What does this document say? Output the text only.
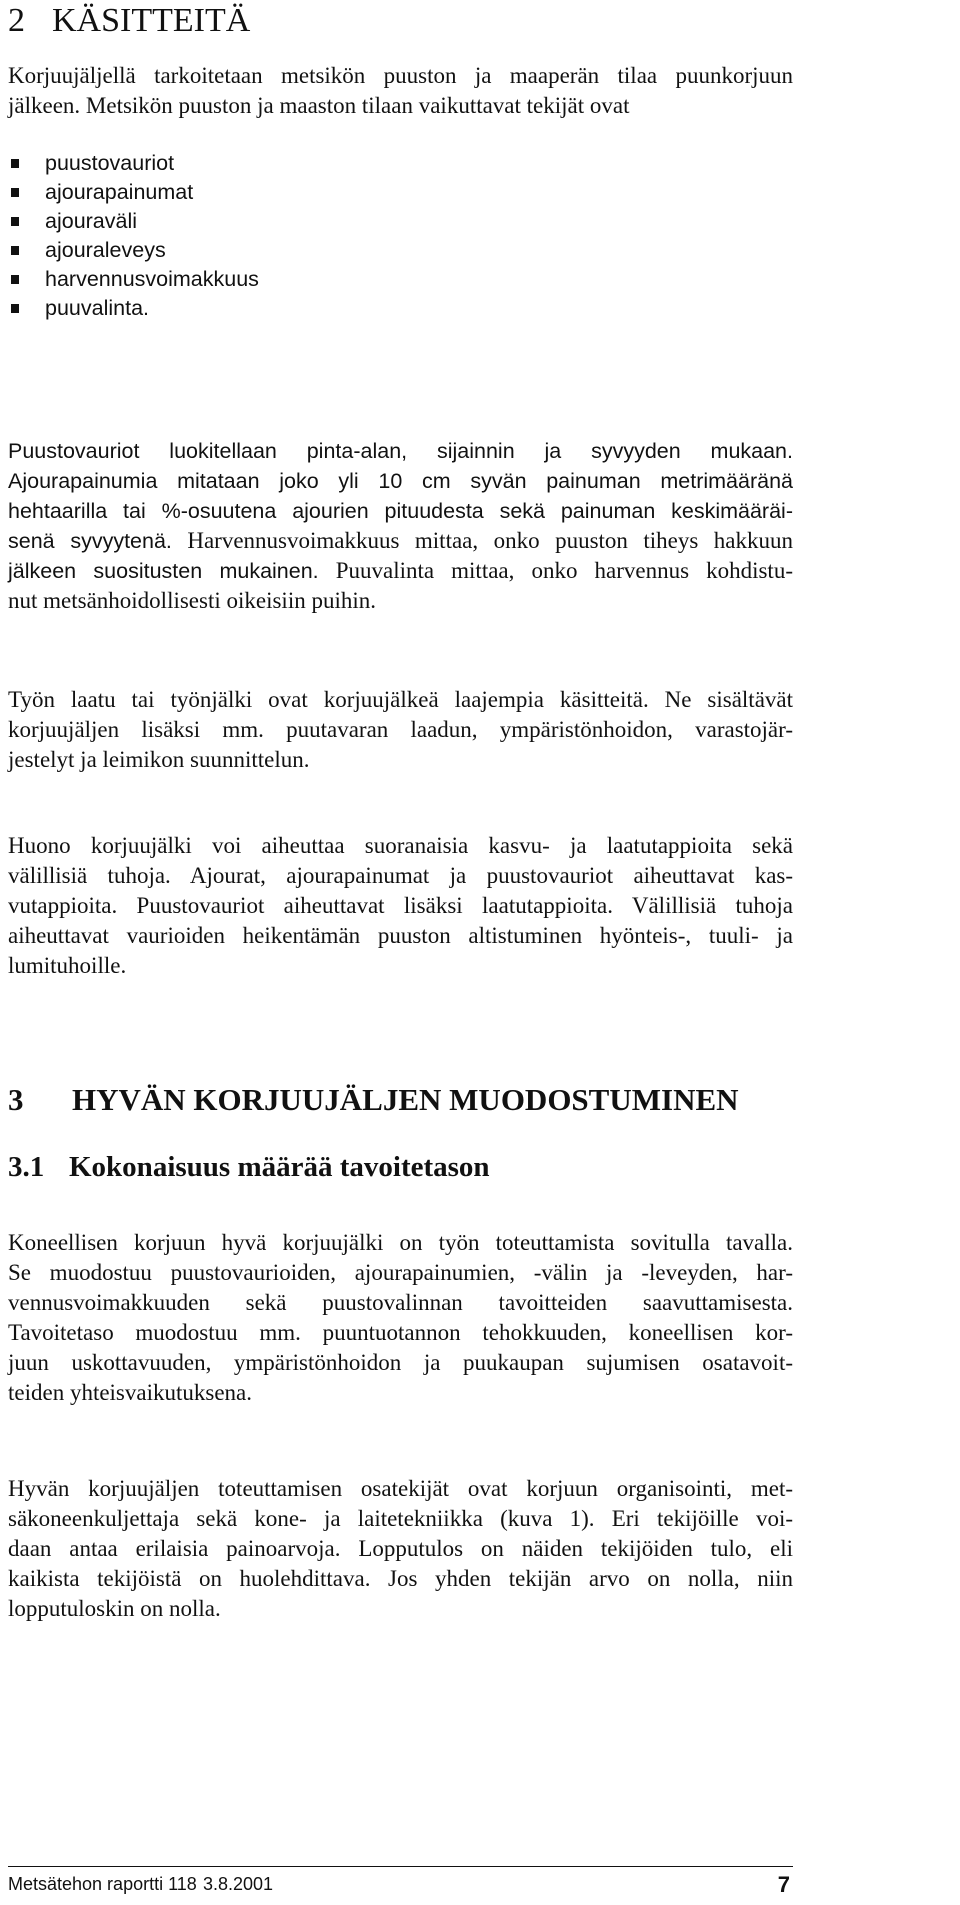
2 KÄSITTEITÄ
Korjuujäljellä tarkoitetaan metsikön puuston ja maaperän tilaa puunkorjuun
jälkeen. Metsikön puuston ja maaston tilaan vaikuttavat tekijät ovat
puustovauriot
ajourapainumat
ajouraväli
ajouraleveys
harvennusvoimakkuus
puuvalinta.
Puustovauriot luokitellaan pinta-alan, sijainnin ja syvyyden mukaan.
Ajourapainumia mitataan joko yli 10 cm syvän painuman metrimääränä
hehtaarilla tai %-osuutena ajourien pituudesta sekä painuman keskimääräi-
senä syvyytenä. Harvennusvoimakkuus mittaa, onko puuston tiheys hakkuun
jälkeen suositusten mukainen. Puuvalinta mittaa, onko harvennus kohdistu-
nut metsänhoidollisesti oikeisiin puihin.
Työn laatu tai työnjälki ovat korjuujälkeä laajempia käsitteitä. Ne sisältävät
korjuujäljen lisäksi mm. puutavaran laadun, ympäristönhoidon, varastojär-
jestelyt ja leimikon suunnittelun.
Huono korjuujälki voi aiheuttaa suoranaisia kasvu- ja laatutappioita sekä
välillisiä tuhoja. Ajourat, ajourapainumat ja puustovauriot aiheuttavat kas-
vutappioita. Puustovauriot aiheuttavat lisäksi laatutappioita. Välillisiä tuhoja
aiheuttavat vaurioiden heikentämän puuston altistuminen hyönteis-, tuuli- ja
lumituhoille.
3 HYVÄN KORJUUJÄLJEN MUODOSTUMINEN
3.1 Kokonaisuus määrää tavoitetason
Koneellisen korjuun hyvä korjuujälki on työn toteuttamista sovitulla tavalla.
Se muodostuu puustovaurioiden, ajourapainumien, -välin ja -leveyden, har-
vennusvoimakkuuden sekä puustovalinnan tavoitteiden saavuttamisesta.
Tavoitetaso muodostuu mm. puuntuotannon tehokkuuden, koneellisen kor-
juun uskottavuuden, ympäristönhoidon ja puukaupan sujumisen osatavoit-
teiden yhteisvaikutuksena.
Hyvän korjuujäljen toteuttamisen osatekijät ovat korjuun organisointi, met-
säkoneenkuljettaja sekä kone- ja laitetekniikka (kuva 1). Eri tekijöille voi-
daan antaa erilaisia painoarvoja. Lopputulos on näiden tekijöiden tulo, eli
kaikista tekijöistä on huolehdittava. Jos yhden tekijän arvo on nolla, niin
lopputuloskin on nolla.
Metsätehon raportti 118 3.8.2001	7
